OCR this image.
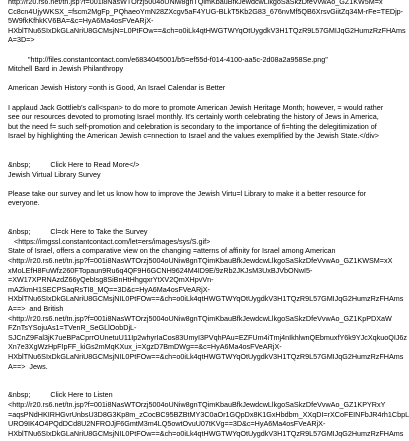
http://r20.rs6.net/tn.jsp?f=001i8NasWTOrzj5004oUNiw8gnTQimKbauBfkJewdcwLlkgoSaSkzDfeVvwAo_GZ1KW5M=x
Cc8cn4UjyWKSX_=fscm2MgFp_PQhaeoYmN28ZXcgv5aF4YUG-BLkT5Kb2G83_676nvMf5QB6XrsvGiitZq34M-rFe=TEDjp-
5W9fkKfhkKV6BA=&c=HyA6Ma4osFVeARjX-
HXblTNu6SIxDkGLaNriU8GCMsjN=L0PtFOw==&ch=o0iLk4qtHWGTWYqOtUygdkV3H1TQzR9L57GMIJqG2HumzRzFHAms
A=3D=>
"http://files.constantcontact.com/e6834045001/b5=ef55d-f014-4100-aa5c-2d08a2a958Se.png"
Mitchell Bard in Jewish Philanthropy
American Jewish History =onth is Good, An Israel Calendar is Better
I applaud Jack Gottlieb's call<span> to do more to promote American Jewish Heritage Month; however, = would rather
see our resources devoted to promoting Israel monthly. It's certainly worth celebrating the history of Jews in America,
but the need f= such self-promotion and celebration is secondary to the importance of fi=hting the delegitimization of
Israel by highlighting the American Jewish c=nnection to Israel and the values exemplified by the Jewish State.</div>
&nbsp;          Click Here to Read More</>
Jewish Virtual Library Survey
Please take our survey and let us know how to improve the Jewish Virtu=l Library to make it a better resource for
everyone.
&nbsp;          Cl=ck Here to Take the Survey
<https://imgssl.constantcontact.com/let=ers/images/sys/S.gif>
State of Israel, offers a comparative view on the changing =atterns of affinity for Israel among American
<http://r20.rs6.net/tn.jsp?f=001i8NasWTOrzj5004oUNiw8gnTQimKbauBfkJewdcwLlkgoSaSkzDfeVvwAo_GZ1KWSM=xX
xMoLEfH8FuWfz260FTopaun9Ru6q4QF9H6GCNH9624M4ID9E/9zRb2JKJsM3UxBJVbONwI5-
=XW17XPRNAzdZ66yQebIsg8SiBnHtHhgqxrYtXV2QmXHpvVn-
mAZkmH1SECPSaqRsTI8_MQ==3D&c=HyA6Ma4osFVeARjX-
HXblTNu6SIxDkGLaNriU8GCMsjNIL0PtFOw==&ch=o0iLk4qtHWGTWYqOtUygdkV3H1TQzR9L57GMIJqG2HumzRzFHAms
A==>  and British
<http://r20.rs6.net/tn.jsp?f=001i8NasWTOrzj5004oUNiw8gnTQimKbauBfkJewdcwLlkgoSaSkzDfeVvwAo_GZ1KpPDXaW
FZnTsYSojuAs1=TVenR_SeGLlOobDjL-
SJCnZ9Fal3jK7ueBPaCprrOUnetuU11Ip2whyrIaCos83UmyI3PVqhPAu=EZFUm4iTmj4nIkhlwnQEbmuxfY6k9YJcXqkuoQIJ6z
Xn7e3XgWzHpFIpFF_kiGs2mMqKXux_i=XgzD7BmDWg==&c=HyA6Ma4osFVeARjX-
HXblTNu6SIxDkGLaNriU8GCMsjNIL0PtFOw==&ch=o0iLk4qtHWGTWYqOtUygdkV3H1TQzR9L57GMIJqG2HumzRzFHAms
A==>  Jews.
&nbsp;          Click Here to Listen
<http://r20.rs6.net/tn.jsp?f=001i8NasWTOrzj5004oUNiw8gnTQimKbauBfkJewdcwLlkgoSaSkzDfeVvwAo_GZ1KPYRxY
=aqsPNdHKIRHGvrUnbsU3D8G3Kp8m_zCocBC95BZBtMY3C0aOr1GQpDx8K1GxHbdbm_XXqDI=rXCoFEINFbJR4rh1CbpL
URO9IK4O4PQdDCd8U2NFROJjF6GmtM3m4LQ5owtOvuU07tKVg==3D&c=HyA6Ma4osFVeARjX-
HXblTNu6SIxDkGLaNriU8GCMsjNIL0PtFOw==&ch=o0iLk4qtHWGTWYqOtUygdkV3H1TQzR9L57GMIJqG2HumzRzFHAms
